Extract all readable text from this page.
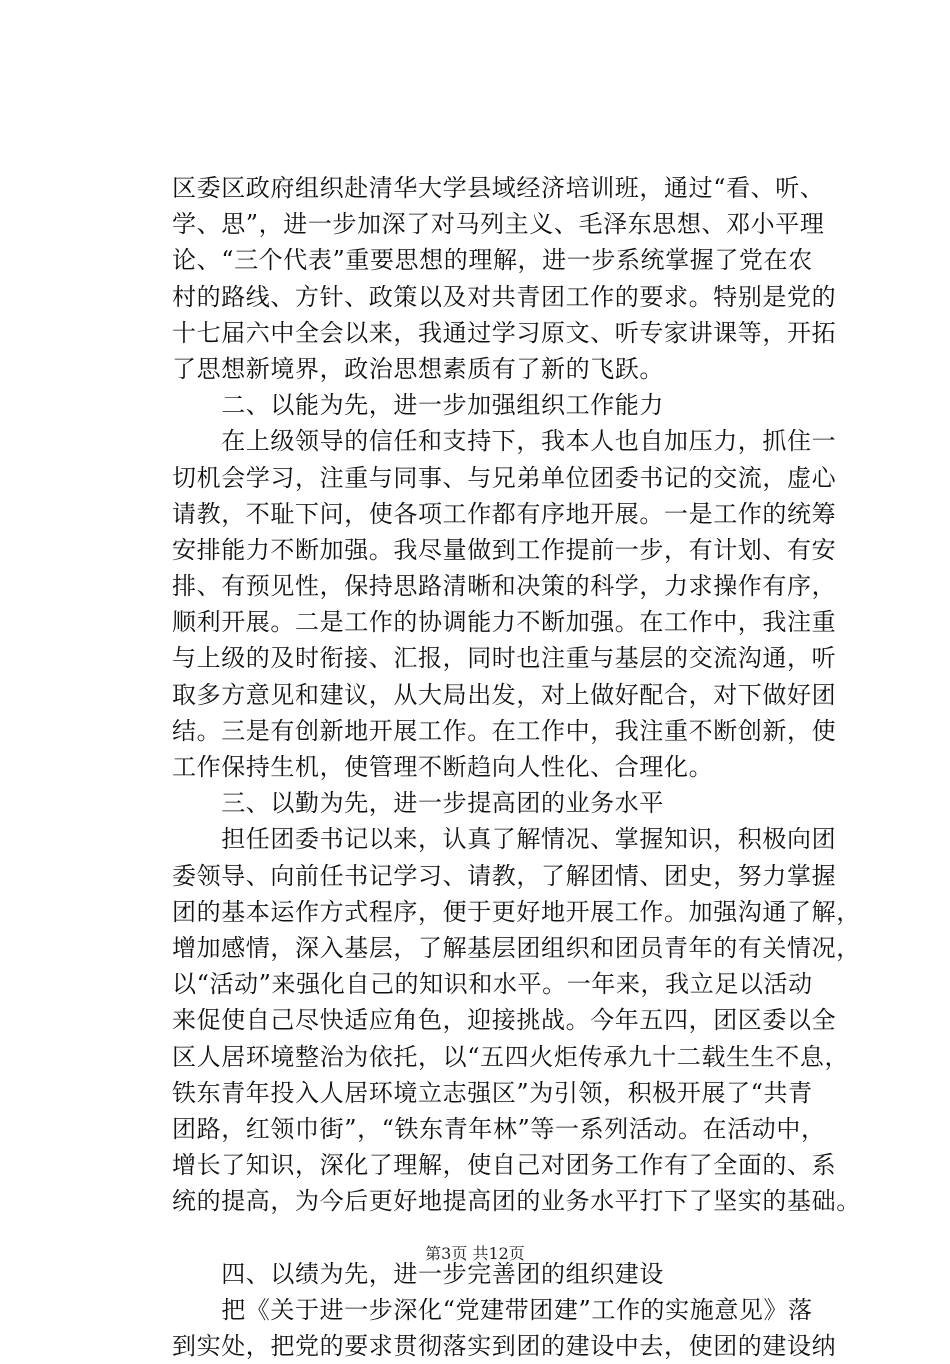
区委区政府组织赴清华大学县域经济培训班，通过“看、听、
学、思”，进一步加深了对马列主义、毛泽东思想、邓小平理
论、“三个代表”重要思想的理解，进一步系统掌握了党在农
村的路线、方针、政策以及对共青团工作的要求。特别是党的
十七届六中全会以来，我通过学习原文、听专家讲课等，开拓
了思想新境界，政治思想素质有了新的飞跃。
　　二、以能为先，进一步加强组织工作能力
　　在上级领导的信任和支持下，我本人也自加压力，抓住一
切机会学习，注重与同事、与兄弟单位团委书记的交流，虚心
请教，不耻下问，使各项工作都有序地开展。一是工作的统筹
安排能力不断加强。我尽量做到工作提前一步，有计划、有安
排、有预见性，保持思路清晰和决策的科学，力求操作有序，
顺利开展。二是工作的协调能力不断加强。在工作中，我注重
与上级的及时衔接、汇报，同时也注重与基层的交流沟通，听
取多方意见和建议，从大局出发，对上做好配合，对下做好团
结。三是有创新地开展工作。在工作中，我注重不断创新，使
工作保持生机，使管理不断趋向人性化、合理化。
　　三、以勤为先，进一步提高团的业务水平
　　担任团委书记以来，认真了解情况、掌握知识，积极向团
委领导、向前任书记学习、请教，了解团情、团史，努力掌握
团的基本运作方式程序，便于更好地开展工作。加强沟通了解，
增加感情，深入基层，了解基层团组织和团员青年的有关情况，
以“活动”来强化自己的知识和水平。一年来，我立足以活动
来促使自己尽快适应角色，迎接挑战。今年五四，团区委以全
区人居环境整治为依托，以“五四火炬传承九十二载生生不息，
铁东青年投入人居环境立志强区”为引领，积极开展了“共青
团路，红领巾街”，“铁东青年林”等一系列活动。在活动中，
增长了知识，深化了理解，使自己对团务工作有了全面的、系
统的提高，为今后更好地提高团的业务水平打下了坚实的基础。
　　四、以绩为先，进一步完善团的组织建设
　　把《关于进一步深化“党建带团建”工作的实施意见》落
到实处，把党的要求贯彻落实到团的建设中去，使团的建设纳
第3页 共12页
